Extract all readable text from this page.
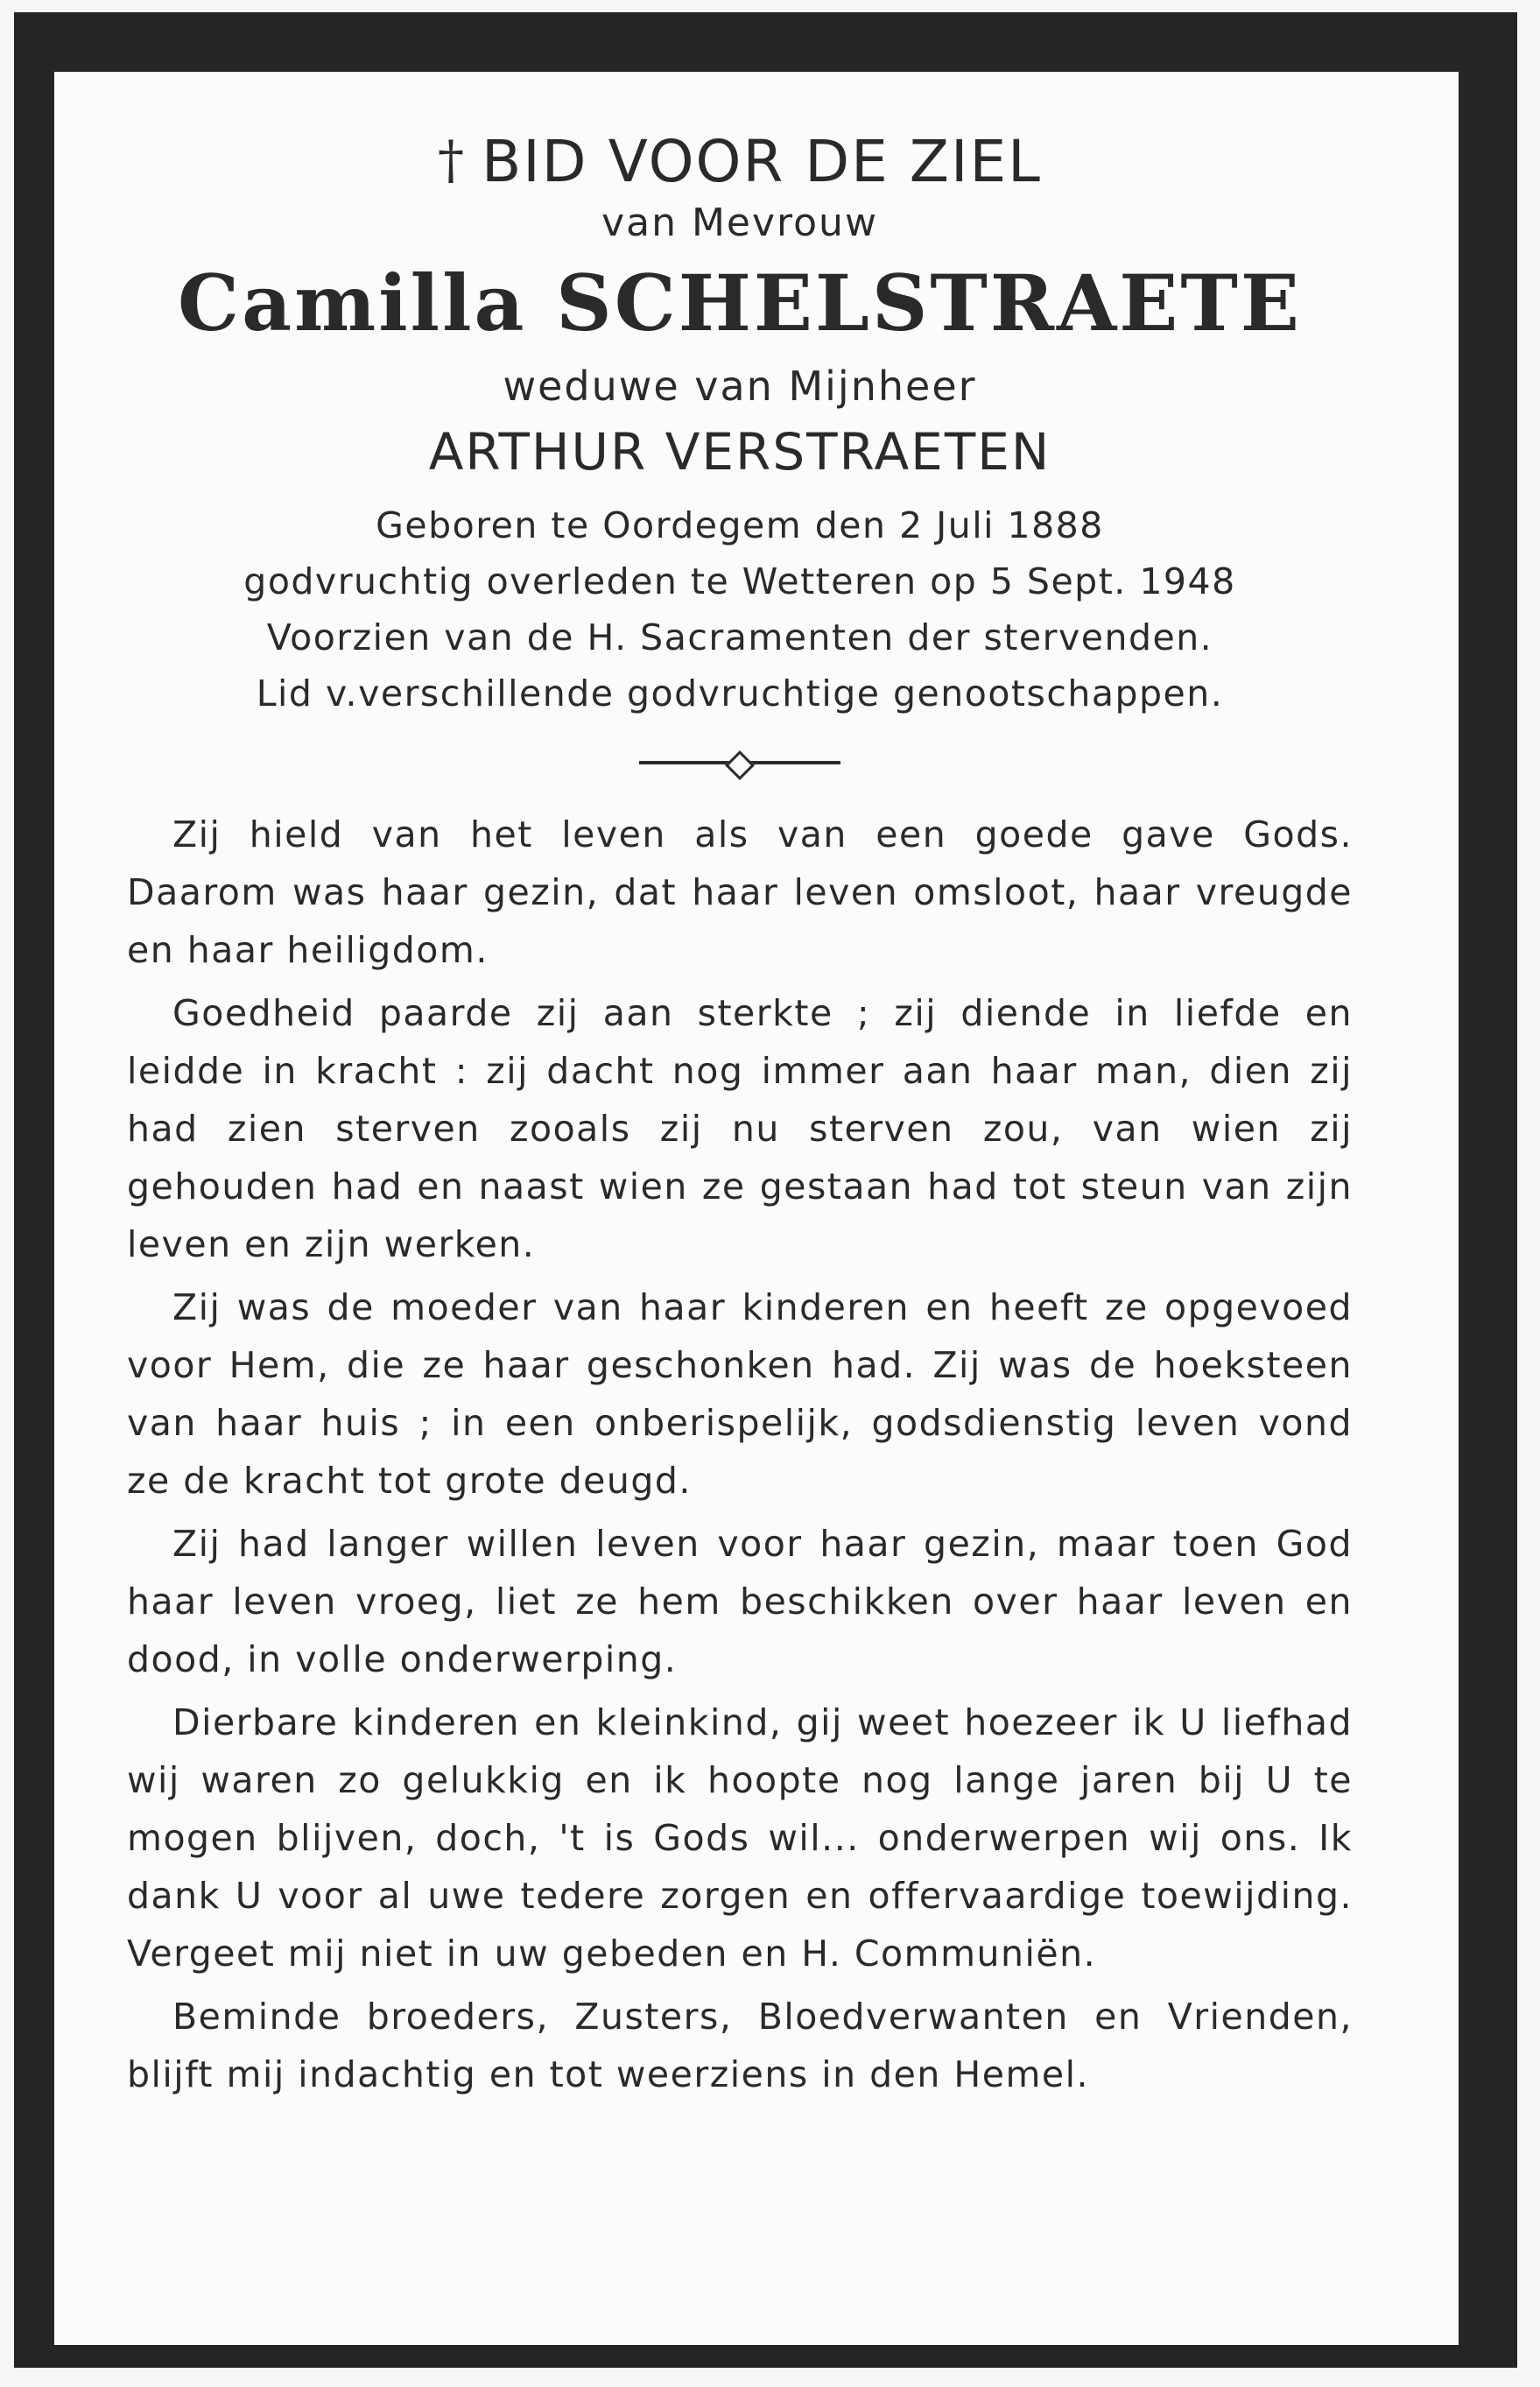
† BID VOOR DE ZIEL
van Mevrouw
Camilla SCHELSTRAETE
weduwe van Mijnheer
ARTHUR VERSTRAETEN
Geboren te Oordegem den 2 Juli 1888
godvruchtig overleden te Wetteren op 5 Sept. 1948
Voorzien van de H. Sacramenten der stervenden.
Lid v.verschillende godvruchtige genootschappen.

Zij hield van het leven als van een goede gave Gods. Daarom was haar gezin, dat haar leven omsloot, haar vreugde en haar heiligdom.

Goedheid paarde zij aan sterkte ; zij diende in liefde en leidde in kracht : zij dacht nog immer aan haar man, dien zij had zien sterven zooals zij nu sterven zou, van wien zij gehouden had en naast wien ze gestaan had tot steun van zijn leven en zijn werken.

Zij was de moeder van haar kinderen en heeft ze opgevoed voor Hem, die ze haar geschonken had. Zij was de hoeksteen van haar huis ; in een onberispelijk, godsdienstig leven vond ze de kracht tot grote deugd.

Zij had langer willen leven voor haar gezin, maar toen God haar leven vroeg, liet ze hem beschikken over haar leven en dood, in volle onderwerping.

Dierbare kinderen en kleinkind, gij weet hoezeer ik U liefhad wij waren zo gelukkig en ik hoopte nog lange jaren bij U te mogen blijven, doch, 't is Gods wil... onderwerpen wij ons. Ik dank U voor al uwe tedere zorgen en offervaardige toewijding. Vergeet mij niet in uw gebeden en H. Communiën.

Beminde broeders, Zusters, Bloedverwanten en Vrienden, blijft mij indachtig en tot weerziens in den Hemel.
